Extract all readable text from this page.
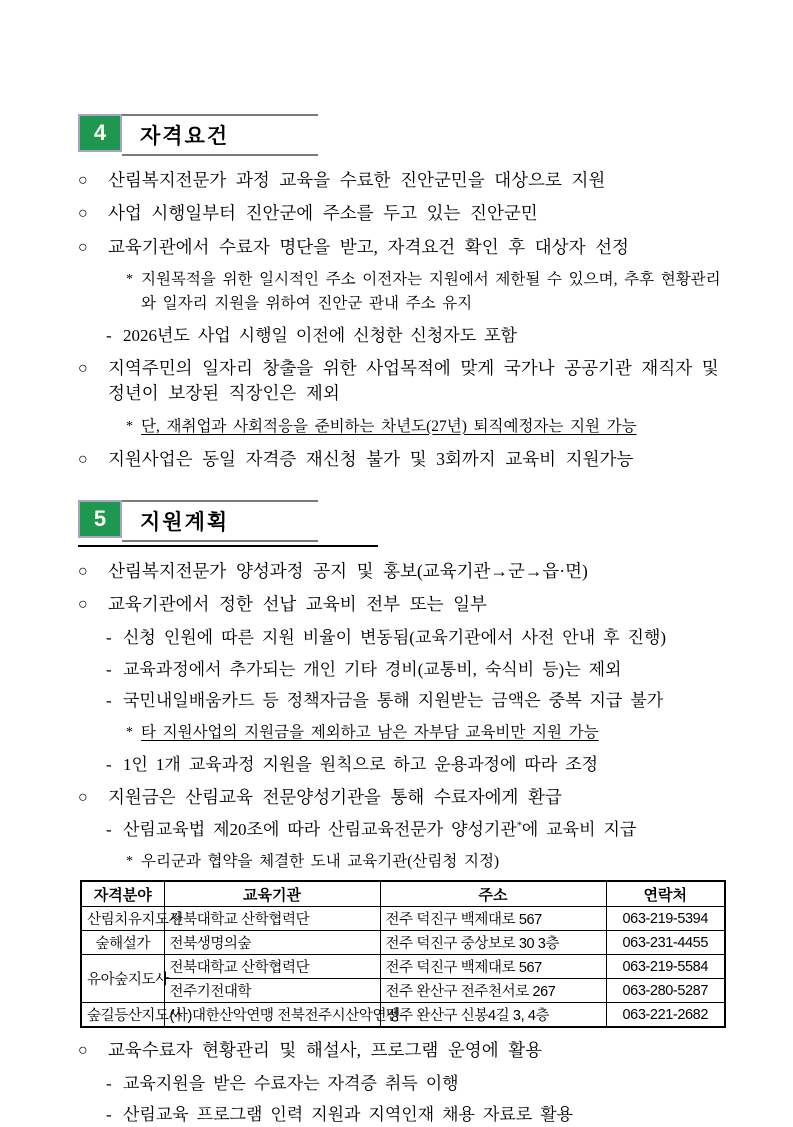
4	자격요건
○	산림복지전문가 과정 교육을 수료한 진안군민을 대상으로 지원
○	사업 시행일부터 진안군에 주소를 두고 있는 진안군민
○	교육기관에서 수료자 명단을 받고, 자격요건 확인 후 대상자 선정
* 지원목적을 위한 일시적인 주소 이전자는 지원에서 제한될 수 있으며, 추후 현황관리와 일자리 지원을 위하여 진안군 관내 주소 유지
- 2026년도 사업 시행일 이전에 신청한 신청자도 포함
○	지역주민의 일자리 창출을 위한 사업목적에 맞게 국가나 공공기관 재직자 및 정년이 보장된 직장인은 제외
* 단, 재취업과 사회적응을 준비하는 차년도(27년) 퇴직예정자는 지원 가능
○	지원사업은 동일 자격증 재신청 불가 및 3회까지 교육비 지원가능
5	지원계획
○	산림복지전문가 양성과정 공지 및 홍보(교육기관→군→읍·면)
○	교육기관에서 정한 선납 교육비 전부 또는 일부
- 신청 인원에 따른 지원 비율이 변동됨(교육기관에서 사전 안내 후 진행)
- 교육과정에서 추가되는 개인 기타 경비(교통비, 숙식비 등)는 제외
- 국민내일배움카드 등 정책자금을 통해 지원받는 금액은 중복 지급 불가
* 타 지원사업의 지원금을 제외하고 남은 자부담 교육비만 지원 가능
- 1인 1개 교육과정 지원을 원칙으로 하고 운용과정에 따라 조정
○	지원금은 산림교육 전문양성기관을 통해 수료자에게 환급
- 산림교육법 제20조에 따라 산림교육전문가 양성기관*에 교육비 지급
* 우리군과 협약을 체결한 도내 교육기관(산림청 지정)
자격분야	교육기관	주소	연락처
산림치유지도사	전북대학교 산학협력단	전주 덕진구 백제대로 567	063-219-5394
숲해설가	전북생명의숲	전주 덕진구 중상보로 30 3층	063-231-4455
유아숲지도사	전북대학교 산학협력단	전주 덕진구 백제대로 567	063-219-5584
	전주기전대학	전주 완산구 전주천서로 267	063-280-5287
숲길등산지도사	(사)대한산악연맹 전북전주시산악연맹	전주 완산구 신봉4길 3, 4층	063-221-2682
○	교육수료자 현황관리 및 해설사, 프로그램 운영에 활용
- 교육지원을 받은 수료자는 자격증 취득 이행
- 산림교육 프로그램 인력 지원과 지역인재 채용 자료로 활용
